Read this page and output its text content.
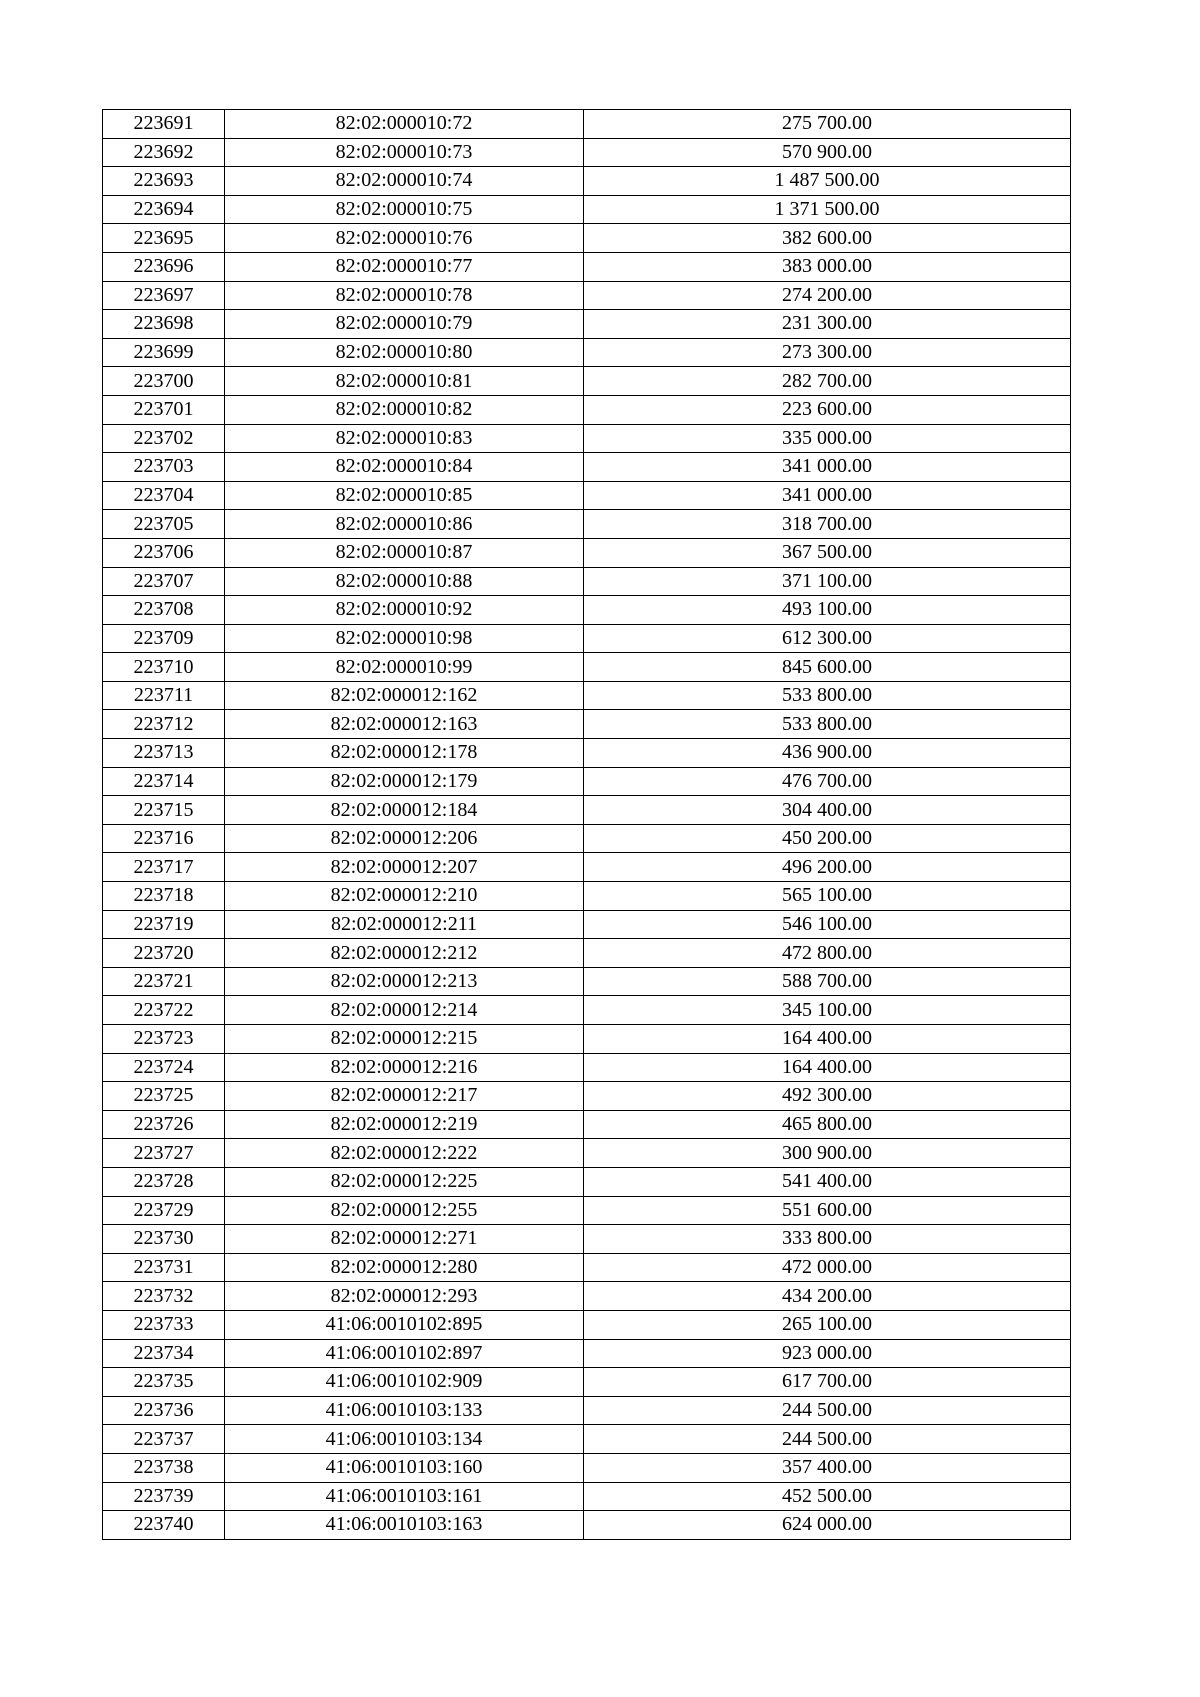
223691	82:02:000010:72	275 700.00
223692	82:02:000010:73	570 900.00
223693	82:02:000010:74	1 487 500.00
223694	82:02:000010:75	1 371 500.00
223695	82:02:000010:76	382 600.00
223696	82:02:000010:77	383 000.00
223697	82:02:000010:78	274 200.00
223698	82:02:000010:79	231 300.00
223699	82:02:000010:80	273 300.00
223700	82:02:000010:81	282 700.00
223701	82:02:000010:82	223 600.00
223702	82:02:000010:83	335 000.00
223703	82:02:000010:84	341 000.00
223704	82:02:000010:85	341 000.00
223705	82:02:000010:86	318 700.00
223706	82:02:000010:87	367 500.00
223707	82:02:000010:88	371 100.00
223708	82:02:000010:92	493 100.00
223709	82:02:000010:98	612 300.00
223710	82:02:000010:99	845 600.00
223711	82:02:000012:162	533 800.00
223712	82:02:000012:163	533 800.00
223713	82:02:000012:178	436 900.00
223714	82:02:000012:179	476 700.00
223715	82:02:000012:184	304 400.00
223716	82:02:000012:206	450 200.00
223717	82:02:000012:207	496 200.00
223718	82:02:000012:210	565 100.00
223719	82:02:000012:211	546 100.00
223720	82:02:000012:212	472 800.00
223721	82:02:000012:213	588 700.00
223722	82:02:000012:214	345 100.00
223723	82:02:000012:215	164 400.00
223724	82:02:000012:216	164 400.00
223725	82:02:000012:217	492 300.00
223726	82:02:000012:219	465 800.00
223727	82:02:000012:222	300 900.00
223728	82:02:000012:225	541 400.00
223729	82:02:000012:255	551 600.00
223730	82:02:000012:271	333 800.00
223731	82:02:000012:280	472 000.00
223732	82:02:000012:293	434 200.00
223733	41:06:0010102:895	265 100.00
223734	41:06:0010102:897	923 000.00
223735	41:06:0010102:909	617 700.00
223736	41:06:0010103:133	244 500.00
223737	41:06:0010103:134	244 500.00
223738	41:06:0010103:160	357 400.00
223739	41:06:0010103:161	452 500.00
223740	41:06:0010103:163	624 000.00
